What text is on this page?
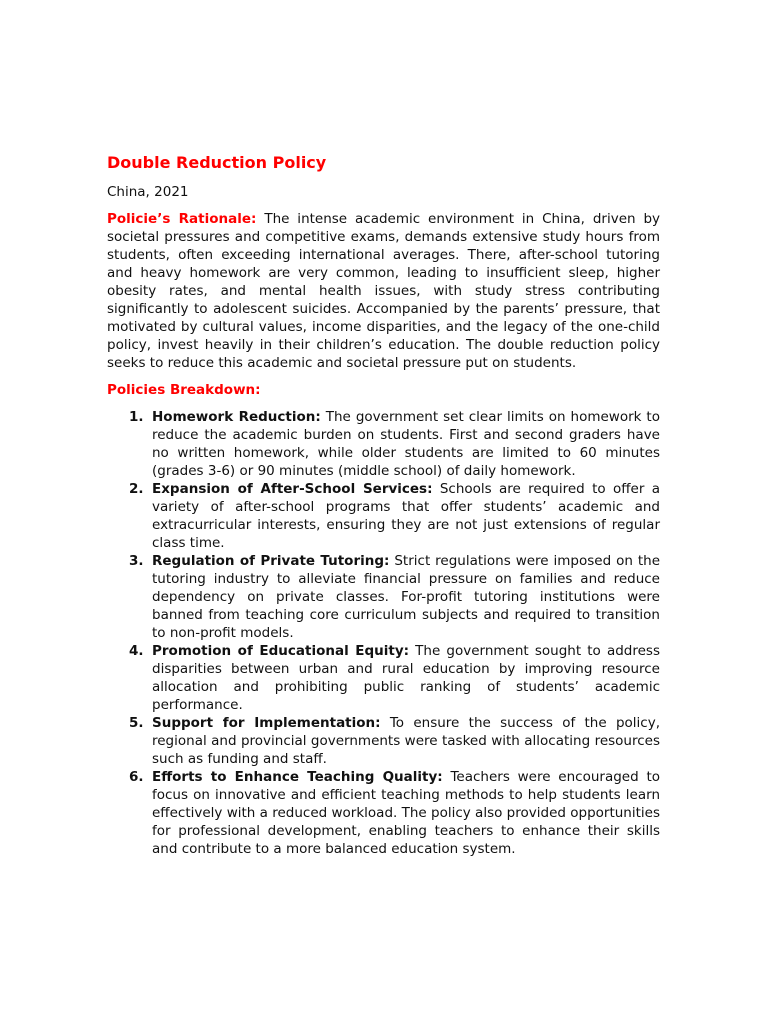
Double Reduction Policy
China, 2021

Policie’s Rationale: The intense academic environment in China, driven by societal pressures and competitive exams, demands extensive study hours from students, often exceeding international averages. There, after-school tutoring and heavy homework are very common, leading to insufficient sleep, higher obesity rates, and mental health issues, with study stress contributing significantly to adolescent suicides. Accompanied by the parents’ pressure, that motivated by cultural values, income disparities, and the legacy of the one-child policy, invest heavily in their children’s education. The double reduction policy seeks to reduce this academic and societal pressure put on students.

Policies Breakdown:
1. Homework Reduction: The government set clear limits on homework to reduce the academic burden on students. First and second graders have no written homework, while older students are limited to 60 minutes (grades 3-6) or 90 minutes (middle school) of daily homework.
2. Expansion of After-School Services: Schools are required to offer a variety of after-school programs that offer students’ academic and extracurricular interests, ensuring they are not just extensions of regular class time.
3. Regulation of Private Tutoring: Strict regulations were imposed on the tutoring industry to alleviate financial pressure on families and reduce dependency on private classes. For-profit tutoring institutions were banned from teaching core curriculum subjects and required to transition to non-profit models.
4. Promotion of Educational Equity: The government sought to address disparities between urban and rural education by improving resource allocation and prohibiting public ranking of students’ academic performance.
5. Support for Implementation: To ensure the success of the policy, regional and provincial governments were tasked with allocating resources such as funding and staff.
6. Efforts to Enhance Teaching Quality: Teachers were encouraged to focus on innovative and efficient teaching methods to help students learn effectively with a reduced workload. The policy also provided opportunities for professional development, enabling teachers to enhance their skills and contribute to a more balanced education system.
